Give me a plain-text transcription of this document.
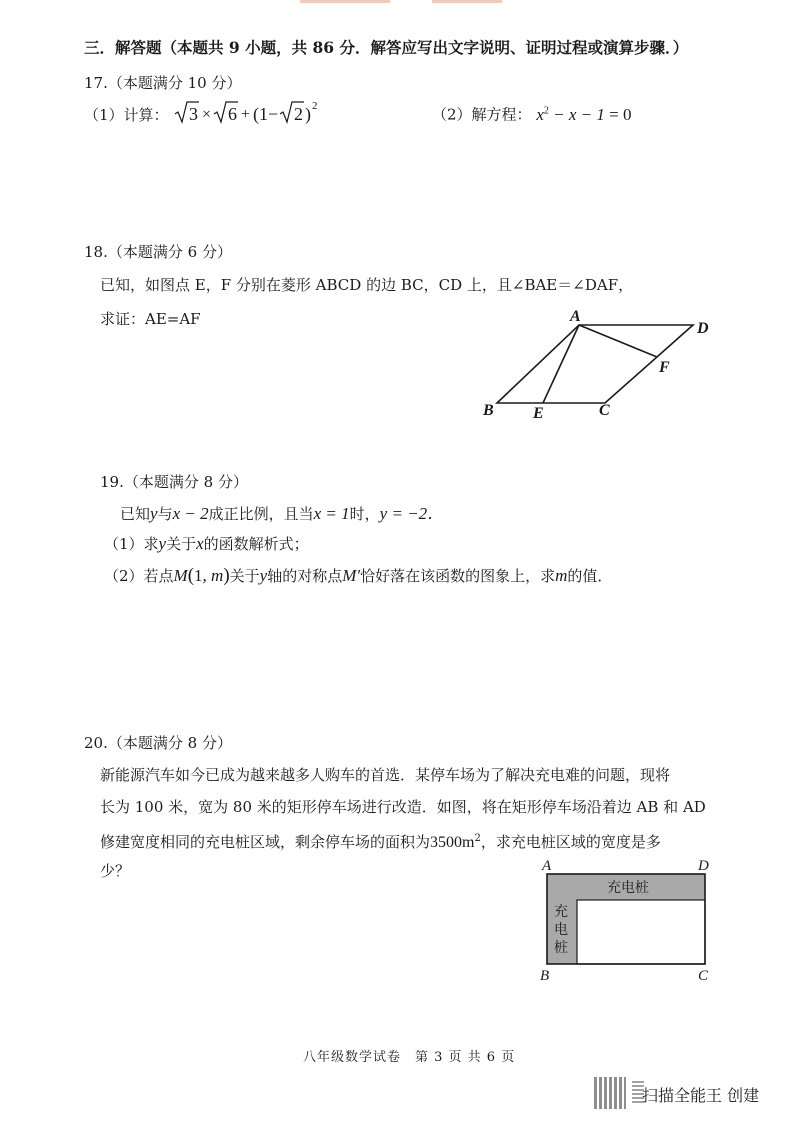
三．解答题（本题共 9 小题，共 86 分．解答应写出文字说明、证明过程或演算步骤．）
17.（本题满分 10 分）
（1）计算： 3 × 6 + (1− 2 ) 2	（2）解方程： $x^2 - x - 1 = 0$
18.（本题满分 6 分）
已知，如图点 E，F 分别在菱形 ABCD 的边 BC，CD 上，且∠BAE＝∠DAF，
求证：AE=AF	A
D
F
B E	C
19.（本题满分 8 分）
已知y与x − 2成正比例，且当x = 1时，y = −2．
（1）求y关于x的函数解析式；
（2）若点M(1, m)关于y轴的对称点M′恰好落在该函数的图象上，求m的值．
20.（本题满分 8 分）
新能源汽车如今已成为越来越多人购车的首选．某停车场为了解决充电难的问题，现将
长为 100 米，宽为 80 米的矩形停车场进行改造．如图，将在矩形停车场沿着边 AB 和 AD
修建宽度相同的充电桩区域，剩余停车场的面积为$3500m^2$，求充电桩区域的宽度是多
少？	A	D
B	C
充电桩
充
电
桩
八年级数学试卷　第 3 页 共 6 页
扫描全能王 创建
